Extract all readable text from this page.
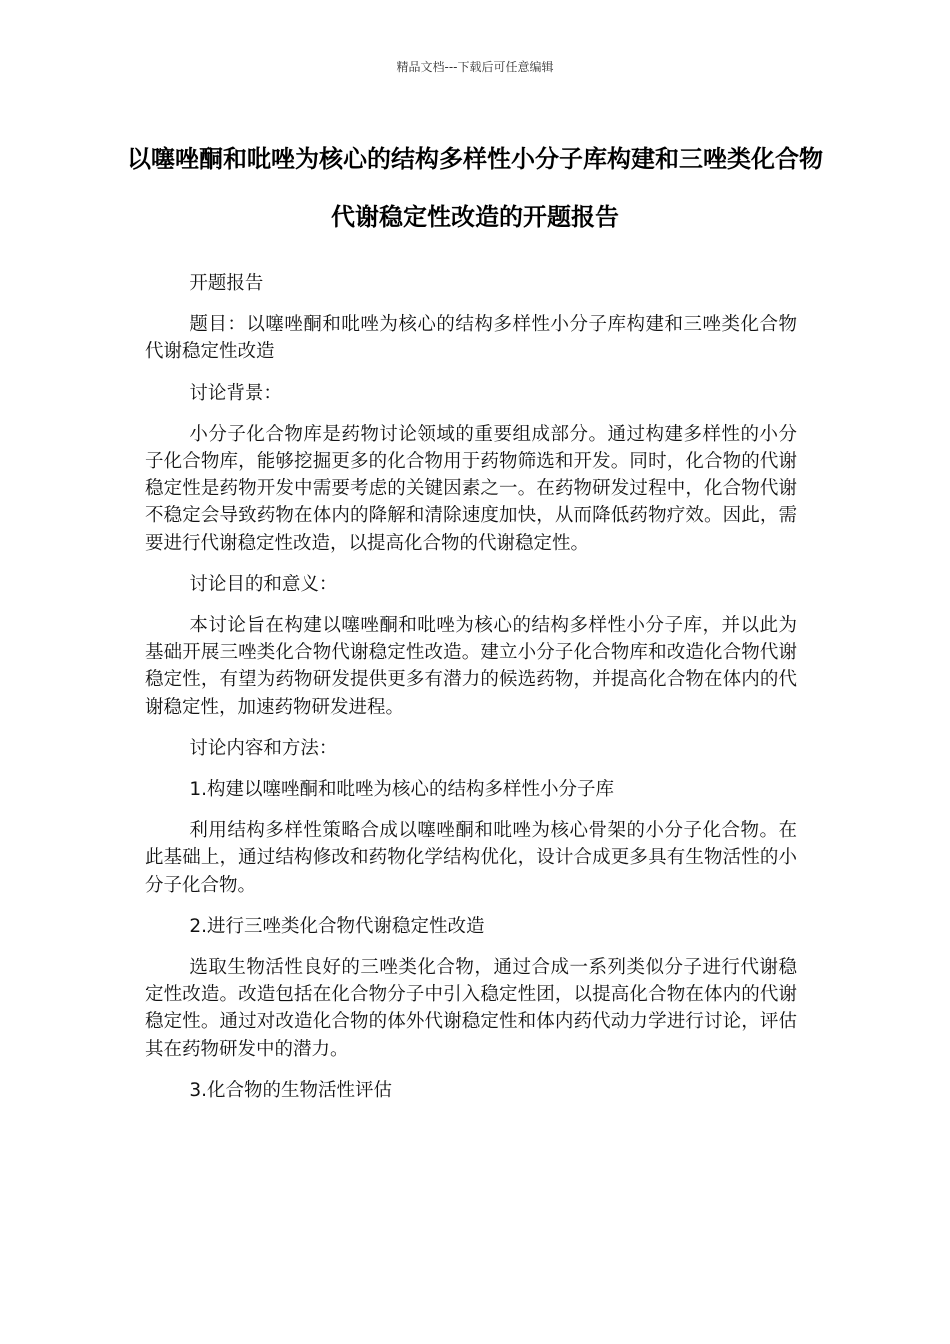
精品文档---下载后可任意编辑
以噻唑酮和吡唑为核心的结构多样性小分子库构建和三唑类化合物代谢稳定性改造的开题报告

开题报告

题目：以噻唑酮和吡唑为核心的结构多样性小分子库构建和三唑类化合物代谢稳定性改造

讨论背景：

小分子化合物库是药物讨论领域的重要组成部分。通过构建多样性的小分子化合物库，能够挖掘更多的化合物用于药物筛选和开发。同时，化合物的代谢稳定性是药物开发中需要考虑的关键因素之一。在药物研发过程中，化合物代谢不稳定会导致药物在体内的降解和清除速度加快，从而降低药物疗效。因此，需要进行代谢稳定性改造，以提高化合物的代谢稳定性。

讨论目的和意义：

本讨论旨在构建以噻唑酮和吡唑为核心的结构多样性小分子库，并以此为基础开展三唑类化合物代谢稳定性改造。建立小分子化合物库和改造化合物代谢稳定性，有望为药物研发提供更多有潜力的候选药物，并提高化合物在体内的代谢稳定性，加速药物研发进程。

讨论内容和方法：

1.构建以噻唑酮和吡唑为核心的结构多样性小分子库

利用结构多样性策略合成以噻唑酮和吡唑为核心骨架的小分子化合物。在此基础上，通过结构修改和药物化学结构优化，设计合成更多具有生物活性的小分子化合物。

2.进行三唑类化合物代谢稳定性改造

选取生物活性良好的三唑类化合物，通过合成一系列类似分子进行代谢稳定性改造。改造包括在化合物分子中引入稳定性团，以提高化合物在体内的代谢稳定性。通过对改造化合物的体外代谢稳定性和体内药代动力学进行讨论，评估其在药物研发中的潜力。

3.化合物的生物活性评估
